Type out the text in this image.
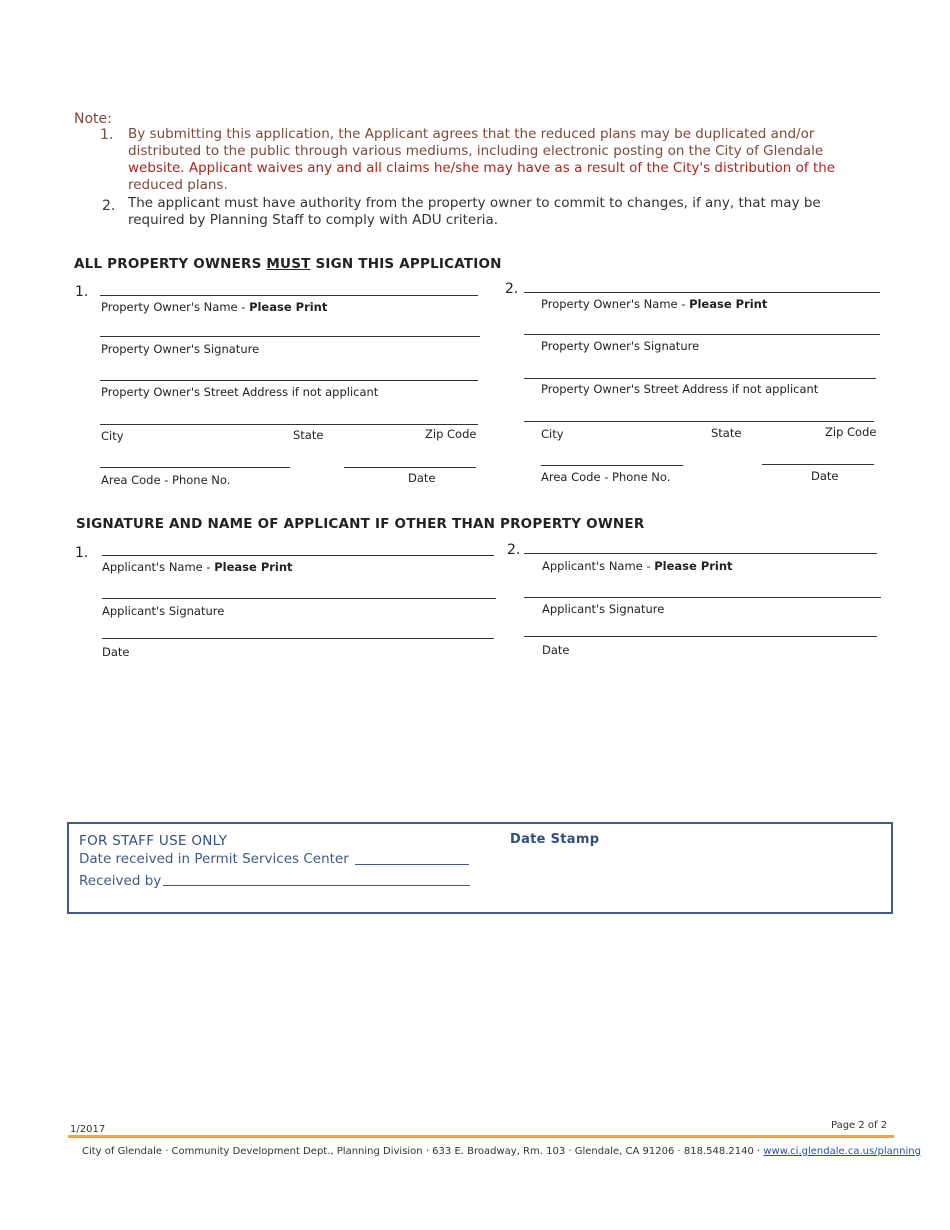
Note:
1. By submitting this application, the Applicant agrees that the reduced plans may be duplicated and/or
distributed to the public through various mediums, including electronic posting on the City of Glendale
website. Applicant waives any and all claims he/she may have as a result of the City's distribution of the
reduced plans.
2. The applicant must have authority from the property owner to commit to changes, if any, that may be
required by Planning Staff to comply with ADU criteria.
ALL PROPERTY OWNERS MUST SIGN THIS APPLICATION
1.
Property Owner's Name - Please Print
Property Owner's Signature
Property Owner's Street Address if not applicant
City	State	Zip Code
Area Code - Phone No.	Date
2.
Property Owner's Name - Please Print
Property Owner's Signature
Property Owner's Street Address if not applicant
City	State	Zip Code
Area Code - Phone No.	Date
SIGNATURE AND NAME OF APPLICANT IF OTHER THAN PROPERTY OWNER
1.
Applicant's Name - Please Print
Applicant's Signature
Date
2.
Applicant's Name - Please Print
Applicant's Signature
Date
FOR STAFF USE ONLY
Date received in Permit Services Center
Received by
Date Stamp
1/2017	Page 2 of 2
City of Glendale · Community Development Dept., Planning Division · 633 E. Broadway, Rm. 103 · Glendale, CA 91206 · 818.548.2140 · www.ci.glendale.ca.us/planning
